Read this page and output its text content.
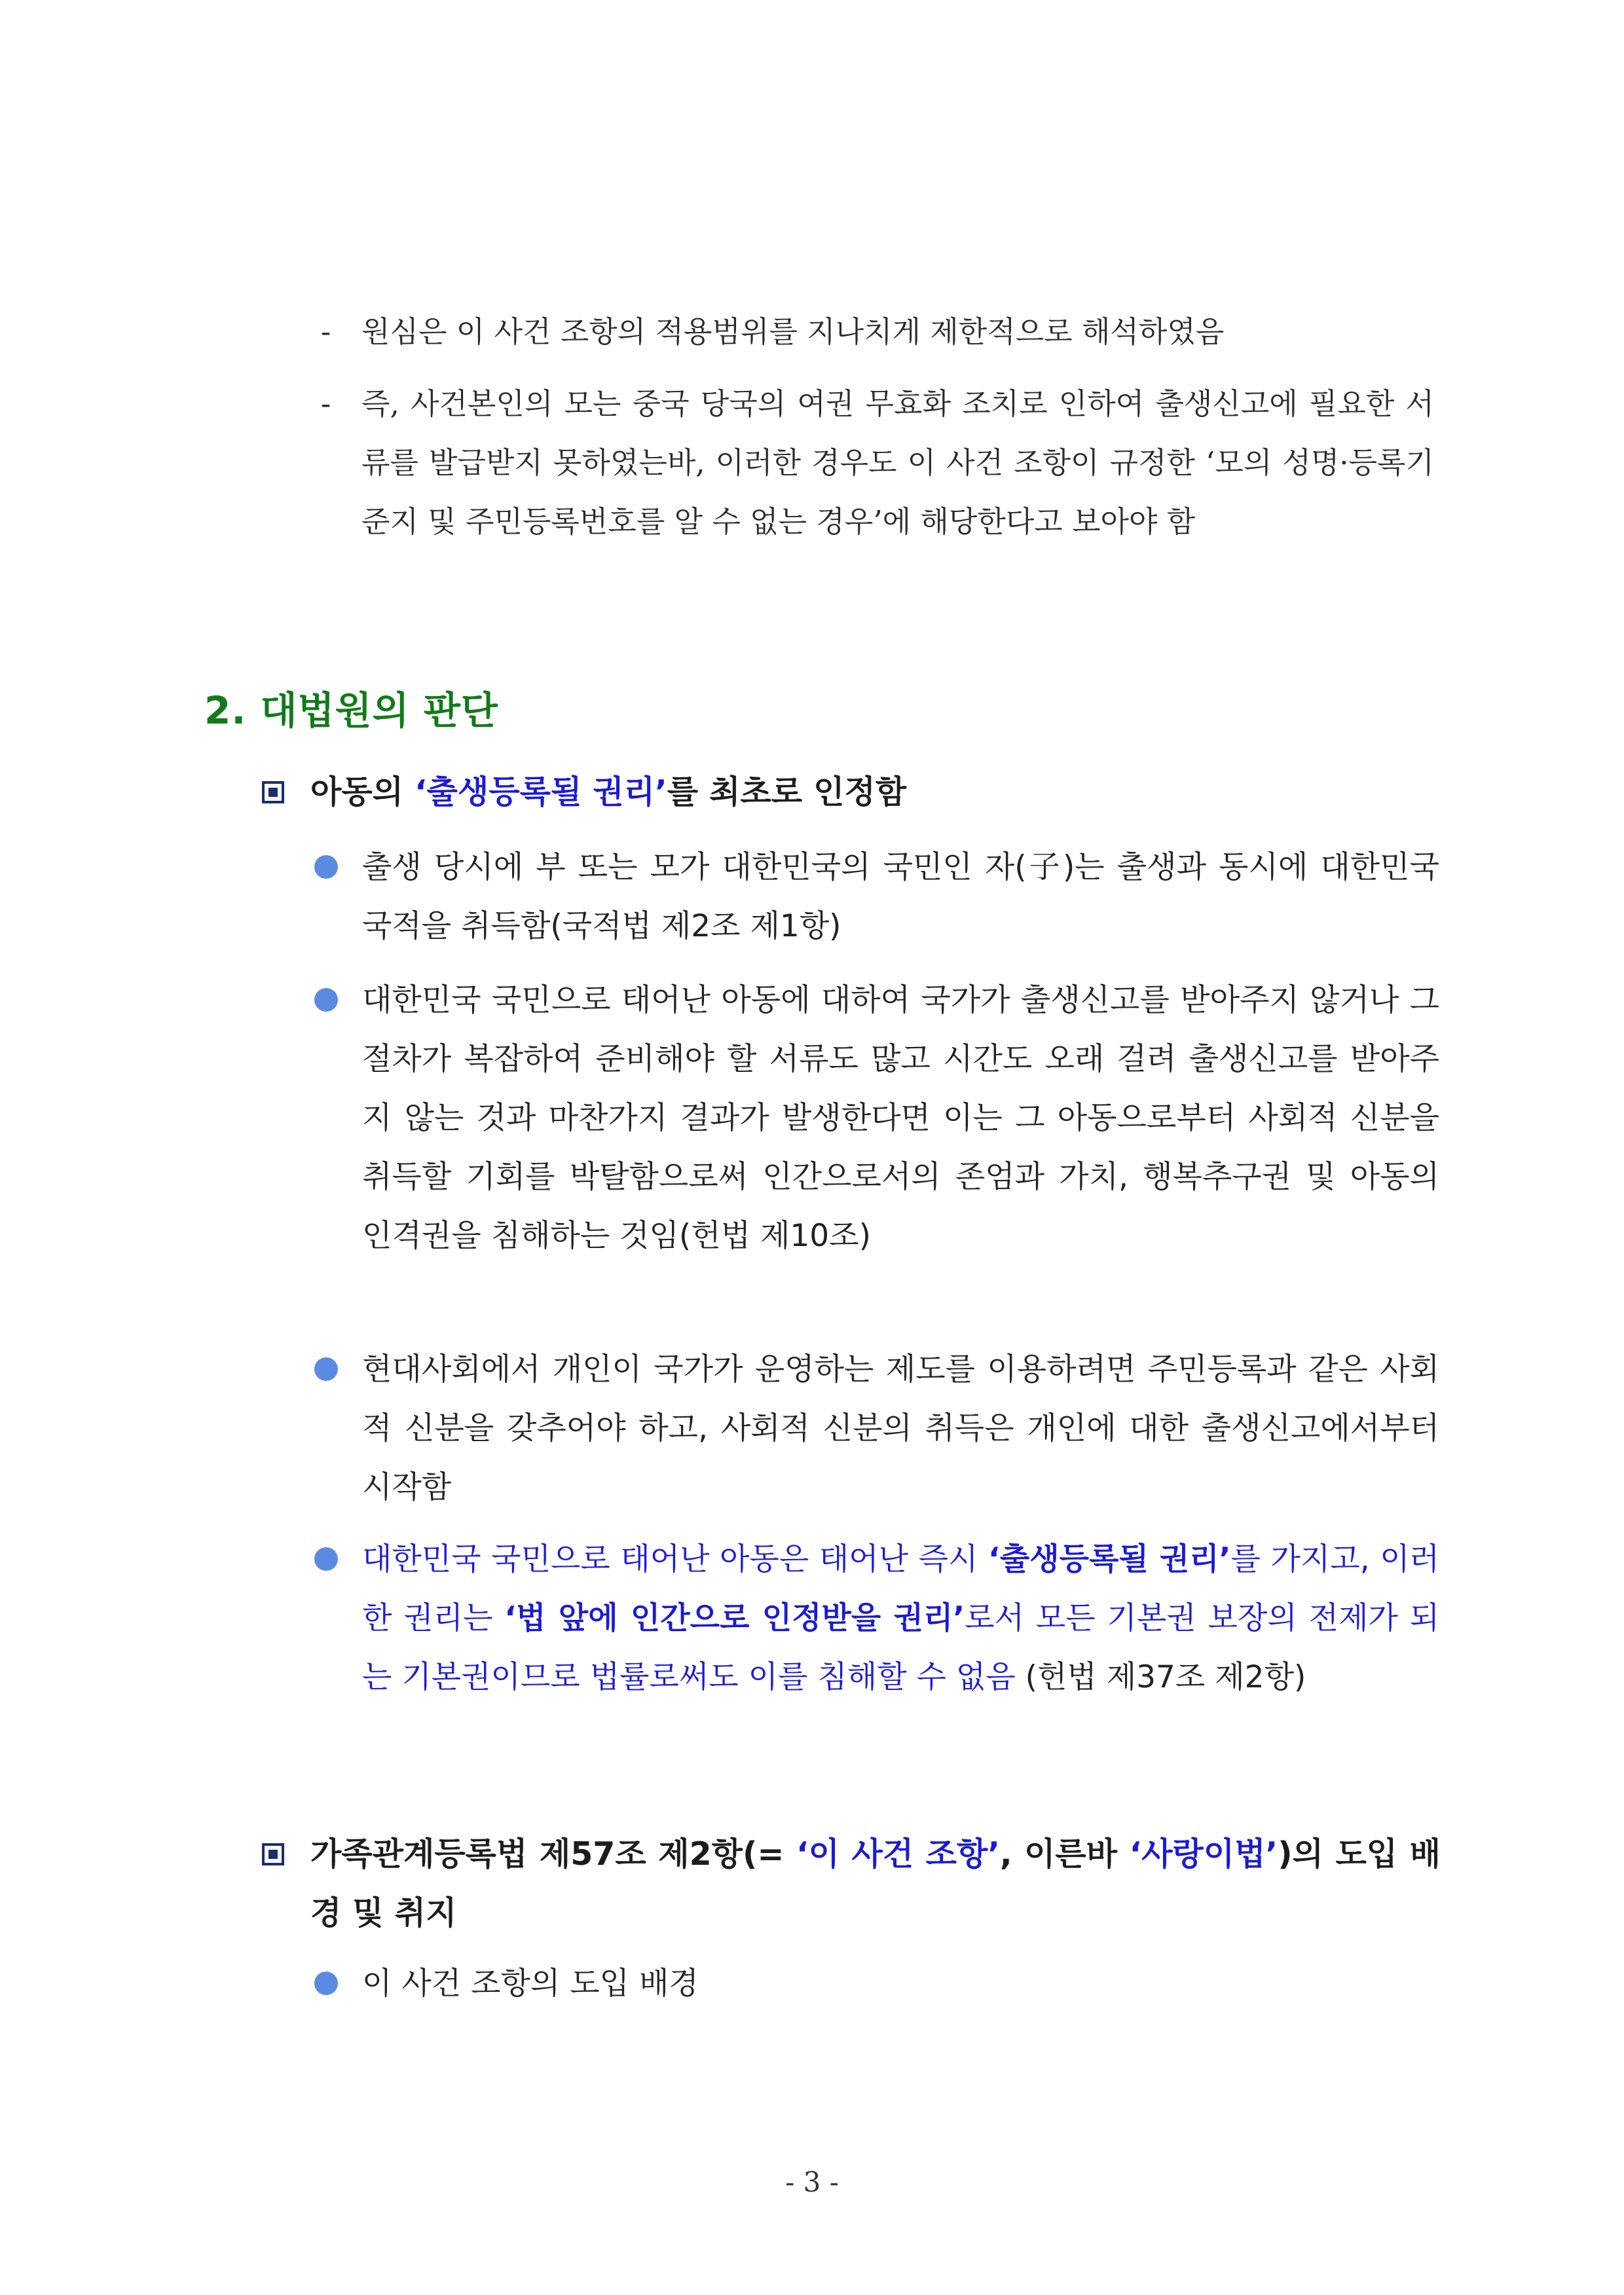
-	원심은 이 사건 조항의 적용범위를 지나치게 제한적으로 해석하였음
-	즉, 사건본인의 모는 중국 당국의 여권 무효화 조치로 인하여 출생신고에 필요한 서류를 발급받지 못하였는바, 이러한 경우도 이 사건 조항이 규정한 ‘모의 성명·등록기준지 및 주민등록번호를 알 수 없는 경우’에 해당한다고 보아야 함
2. 대법원의 판단
아동의 ‘출생등록될 권리’를 최초로 인정함
출생 당시에 부 또는 모가 대한민국의 국민인 자(子)는 출생과 동시에 대한민국 국적을 취득함(국적법 제2조 제1항)
대한민국 국민으로 태어난 아동에 대하여 국가가 출생신고를 받아주지 않거나 그 절차가 복잡하여 준비해야 할 서류도 많고 시간도 오래 걸려 출생신고를 받아주지 않는 것과 마찬가지 결과가 발생한다면 이는 그 아동으로부터 사회적 신분을 취득할 기회를 박탈함으로써 인간으로서의 존엄과 가치, 행복추구권 및 아동의 인격권을 침해하는 것임(헌법 제10조)
현대사회에서 개인이 국가가 운영하는 제도를 이용하려면 주민등록과 같은 사회적 신분을 갖추어야 하고, 사회적 신분의 취득은 개인에 대한 출생신고에서부터 시작함
대한민국 국민으로 태어난 아동은 태어난 즉시 ‘출생등록될 권리’를 가지고, 이러한 권리는 ‘법 앞에 인간으로 인정받을 권리’로서 모든 기본권 보장의 전제가 되는 기본권이므로 법률로써도 이를 침해할 수 없음 (헌법 제37조 제2항)
가족관계등록법 제57조 제2항(= ‘이 사건 조항’, 이른바 ‘사랑이법’)의 도입 배경 및 취지
이 사건 조항의 도입 배경
- 3 -
